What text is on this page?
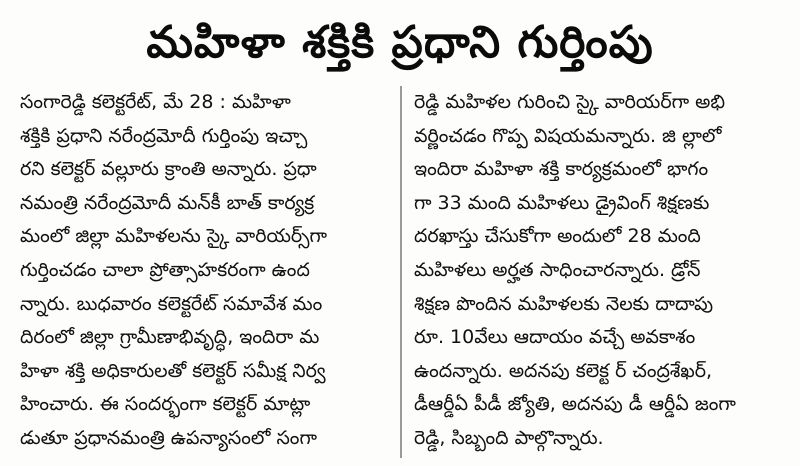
మహిళా శక్తికి ప్రధాని గుర్తింపు
సంగారెడ్డి కలెక్టరేట్, మే 28 : మహిళా
శక్తికి ప్రధాని నరేంద్రమోదీ గుర్తింపు ఇచ్చా
రని కలెక్టర్ వల్లూరు క్రాంతి అన్నారు. ప్రధా
నమంత్రి నరేంద్రమోదీ మన్‌కీ బాత్ కార్యక్ర
మంలో జిల్లా మహిళలను స్కై వారియర్స్‌గా
గుర్తించడం చాలా ప్రోత్సాహకరంగా ఉంద
న్నారు. బుధవారం కలెక్టరేట్ సమావేశ మం
దిరంలో జిల్లా గ్రామీణాభివృద్ధి, ఇందిరా మ
హిళా శక్తి అధికారులతో కలెక్టర్ సమీక్ష నిర్వ
హించారు. ఈ సందర్భంగా కలెక్టర్ మాట్లా
డుతూ ప్రధానమంత్రి ఉపన్యాసంలో సంగా
రెడ్డి మహిళల గురించి స్కై వారియర్‌గా అభి
వర్ణించడం గొప్ప విషయమన్నారు. జి ల్లాలో
ఇందిరా మహిళా శక్తి కార్యక్రమంలో భాగం
గా 33 మంది మహిళలు డ్రైవింగ్ శిక్షణకు
దరఖాస్తు చేసుకోగా అందులో 28 మంది
మహిళలు అర్హత సాధించారన్నారు. డ్రోన్
శిక్షణ పొందిన మహిళలకు నెలకు దాదాపు
రూ. 10వేలు ఆదాయం వచ్చే అవకాశం
ఉందన్నారు. అదనపు కలెక్ట ర్ చంద్రశేఖర్,
డీఆర్డీఏ పీడీ జ్యోతి, అదనపు డీ ఆర్డీఏ జంగా
రెడ్డి, సిబ్బంది పాల్గొన్నారు.
